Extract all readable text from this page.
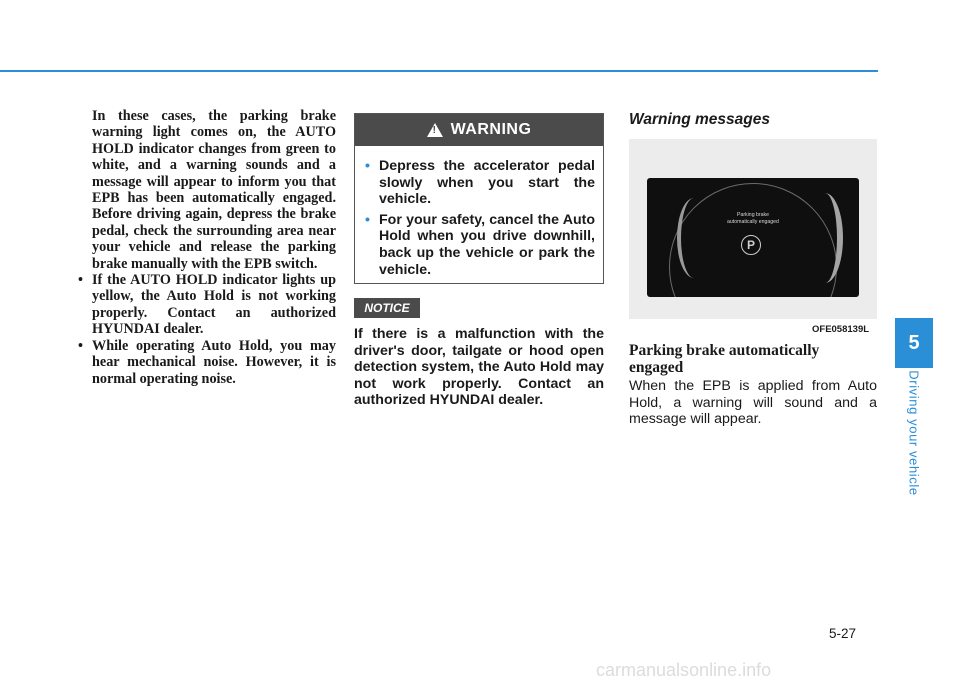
In these cases, the parking brake warning light comes on, the AUTO HOLD indicator changes from green to white, and a warning sounds and a message will appear to inform you that EPB has been automatically engaged. Before driving again, depress the brake pedal, check the surrounding area near your vehicle and release the parking brake manually with the EPB switch.

• If the AUTO HOLD indicator lights up yellow, the Auto Hold is not working properly. Contact an authorized HYUNDAI dealer.
• While operating Auto Hold, you may hear mechanical noise. However, it is normal operating noise.
! WARNING
• Depress the accelerator pedal slowly when you start the vehicle.
• For your safety, cancel the Auto Hold when you drive downhill, back up the vehicle or park the vehicle.
NOTICE

If there is a malfunction with the driver's door, tailgate or hood open detection system, the Auto Hold may not work properly. Contact an authorized HYUNDAI dealer.

Warning messages
Parking brake
automatically engaged
P
OFE058139L
Parking brake automatically engaged

When the EPB is applied from Auto Hold, a warning will sound and a message will appear.

5
Driving your vehicle
5-27
carmanualsonline.info
